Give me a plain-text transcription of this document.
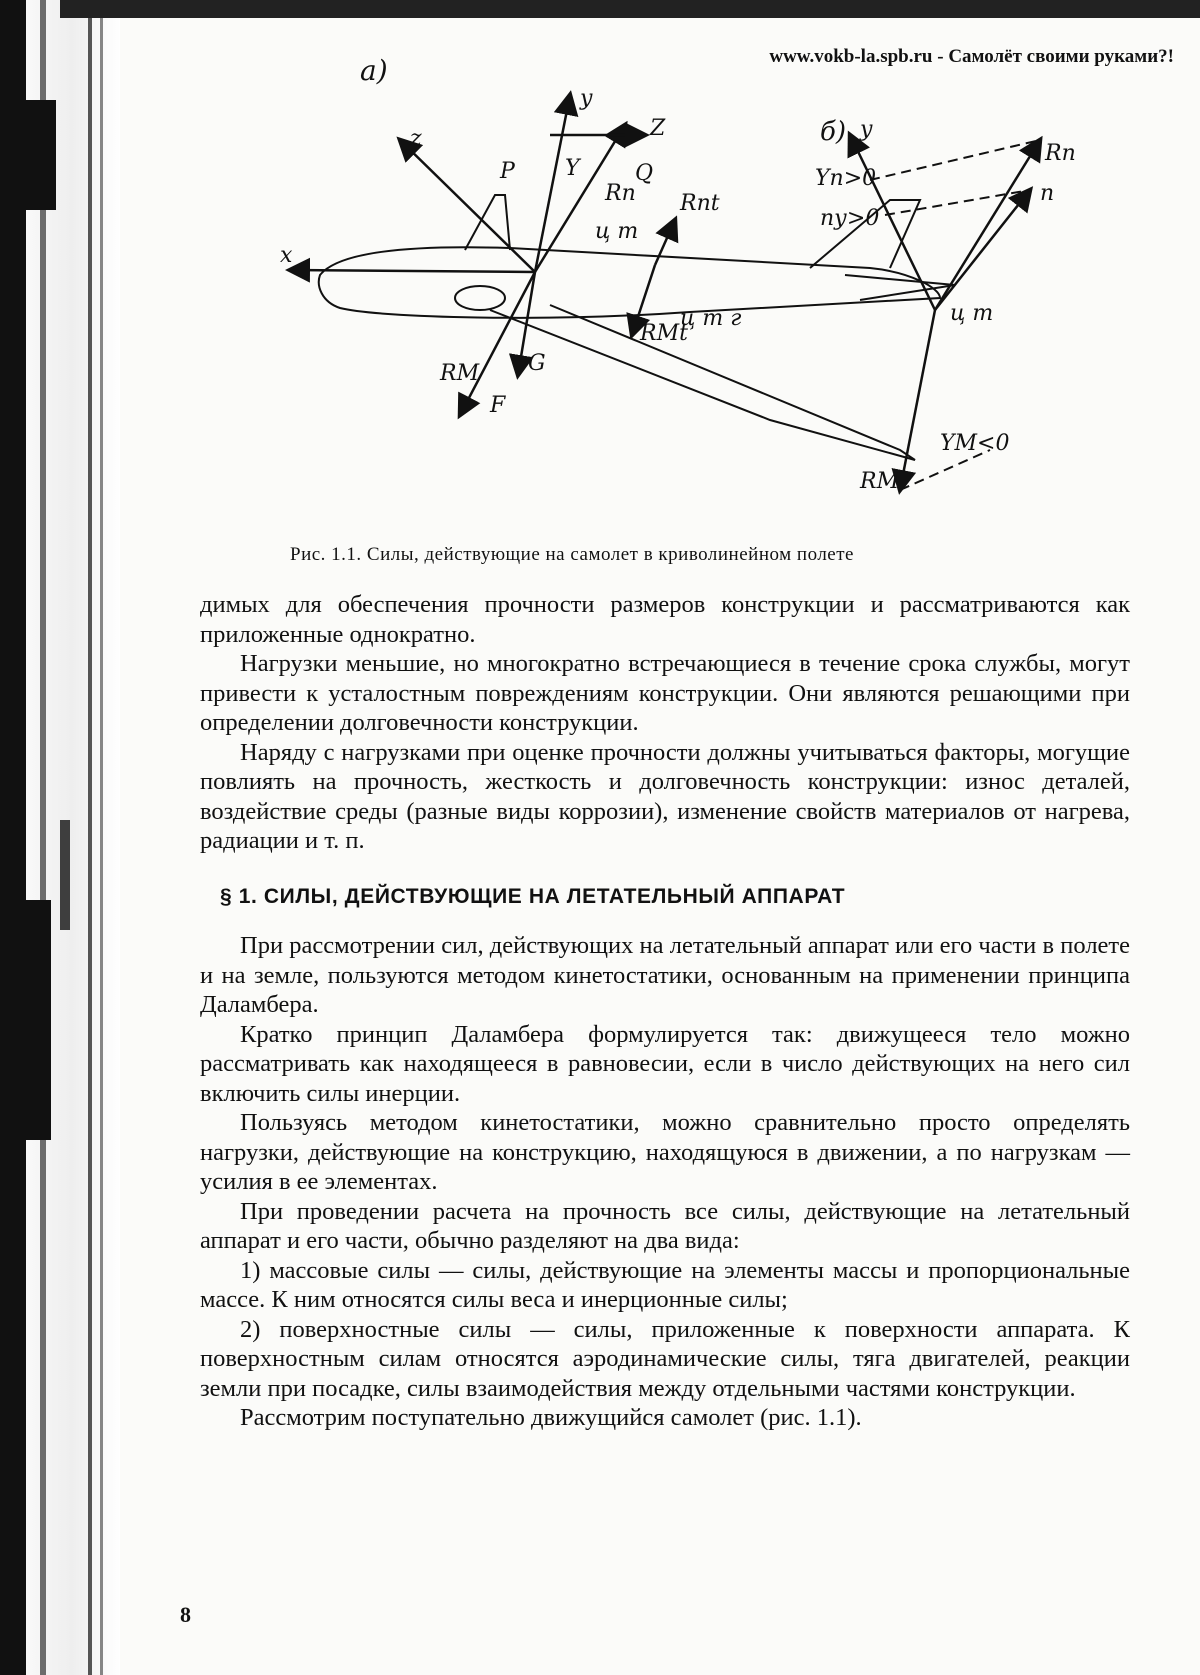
www.vokb-la.spb.ru - Самолёт своими руками?!
а)
б)
y
x
z	Z
P Y	Q
Rп
ц т
Rпt
ц т г
RМt
RМ G
F
y
Rп
n
Yп>0
nу>0
ц т
YМ<0
RМ
Рис. 1.1. Силы, действующие на самолет в криволинейном полете

димых для обеспечения прочности размеров конструкции и рассматриваются как приложенные однократно.

Нагрузки меньшие, но многократно встречающиеся в течение срока службы, могут привести к усталостным повреждениям конструкции. Они являются решающими при определении долговечности конструкции.

Наряду с нагрузками при оценке прочности должны учитываться факторы, могущие повлиять на прочность, жесткость и долговечность конструкции: износ деталей, воздействие среды (разные виды коррозии), изменение свойств материалов от нагрева, радиации и т. п.

§ 1. СИЛЫ, ДЕЙСТВУЮЩИЕ НА ЛЕТАТЕЛЬНЫЙ АППАРАТ

При рассмотрении сил, действующих на летательный аппарат или его части в полете и на земле, пользуются методом кинетостатики, основанным на применении принципа Даламбера.

Кратко принцип Даламбера формулируется так: движущееся тело можно рассматривать как находящееся в равновесии, если в число действующих на него сил включить силы инерции.

Пользуясь методом кинетостатики, можно сравнительно просто определять нагрузки, действующие на конструкцию, находящуюся в движении, а по нагрузкам — усилия в ее элементах.

При проведении расчета на прочность все силы, действующие на летательный аппарат и его части, обычно разделяют на два вида:

1) массовые силы — силы, действующие на элементы массы и пропорциональные массе. К ним относятся силы веса и инерционные силы;

2) поверхностные силы — силы, приложенные к поверхности аппарата. К поверхностным силам относятся аэродинамические силы, тяга двигателей, реакции земли при посадке, силы взаимодействия между отдельными частями конструкции.

Рассмотрим поступательно движущийся самолет (рис. 1.1).

8
